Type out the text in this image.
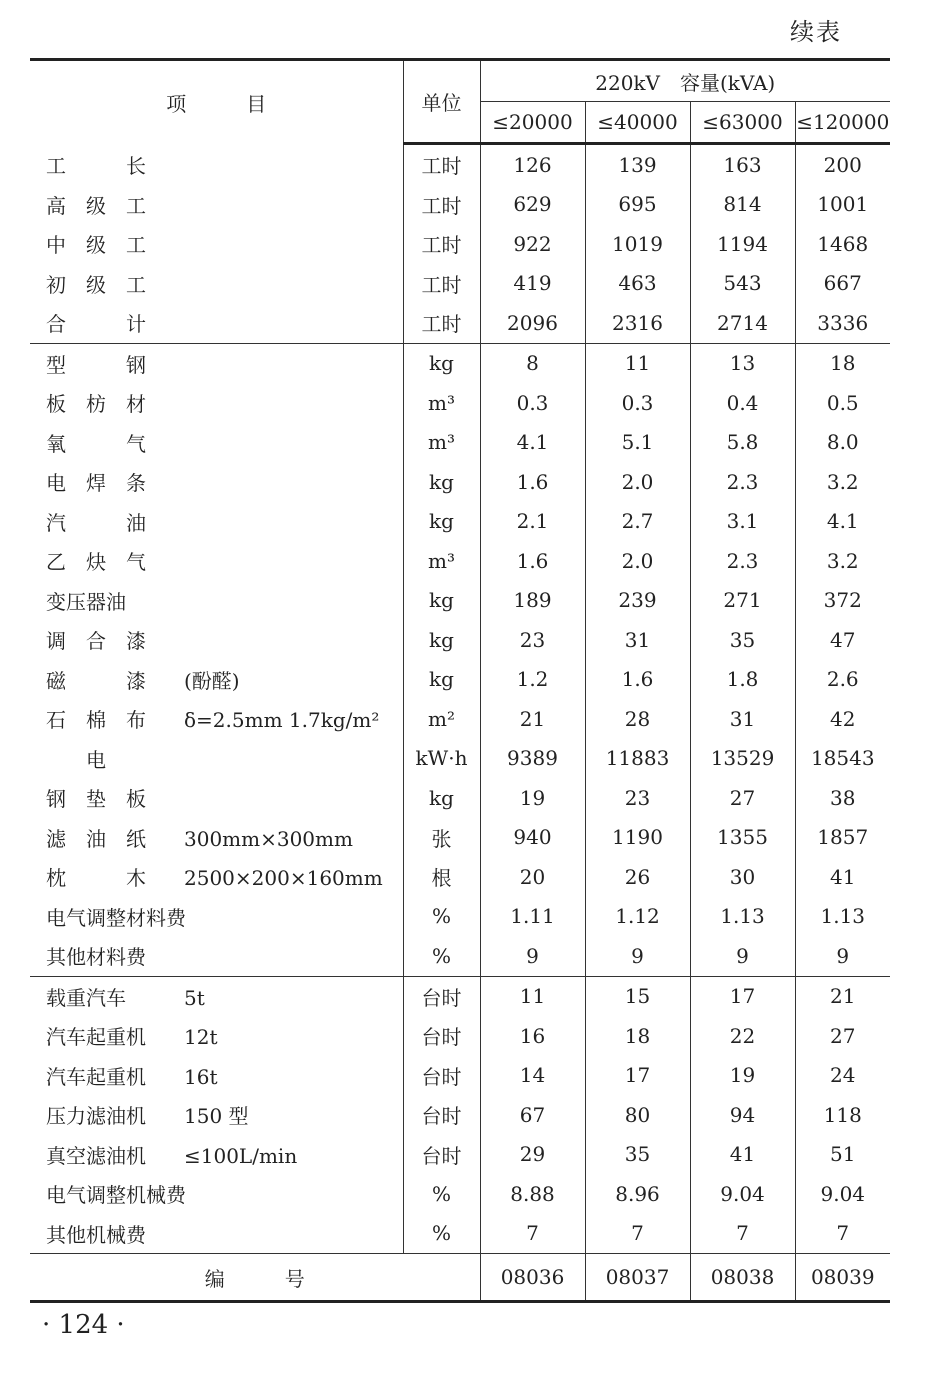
续表
项　　　目	单位	220kV　容量(kVA)			
		≤20000	≤40000	≤63000	≤120000
工　　　长	工时	126	139	163	200
高　级　工	工时	629	695	814	1001
中　级　工	工时	922	1019	1194	1468
初　级　工	工时	419	463	543	667
合　　　计	工时	2096	2316	2714	3336
型　　　钢	kg	8	11	13	18
板　枋　材	m³	0.3	0.3	0.4	0.5
氧　　　气	m³	4.1	5.1	5.8	8.0
电　焊　条	kg	1.6	2.0	2.3	3.2
汽　　　油	kg	2.1	2.7	3.1	4.1
乙　炔　气	m³	1.6	2.0	2.3	3.2
变压器油	kg	189	239	271	372
调　合　漆	kg	23	31	35	47
磁　　　漆 (酚醛)	kg	1.2	1.6	1.8	2.6
石　棉　布 δ=2.5mm 1.7kg/m²	m²	21	28	31	42
　　电	kW·h	9389	11883	13529	18543
钢　垫　板	kg	19	23	27	38
滤　油　纸 300mm×300mm	张	940	1190	1355	1857
枕　　　木 2500×200×160mm	根	20	26	30	41
电气调整材料费	%	1.11	1.12	1.13	1.13
其他材料费	%	9	9	9	9
载重汽车 5t	台时	11	15	17	21
汽车起重机 12t	台时	16	18	22	27
汽车起重机 16t	台时	14	17	19	24
压力滤油机 150 型	台时	67	80	94	118
真空滤油机 ≤100L/min	台时	29	35	41	51
电气调整机械费	%	8.88	8.96	9.04	9.04
其他机械费	%	7	7	7	7
编　　　号		08036	08037	08038	08039
· 124 ·
